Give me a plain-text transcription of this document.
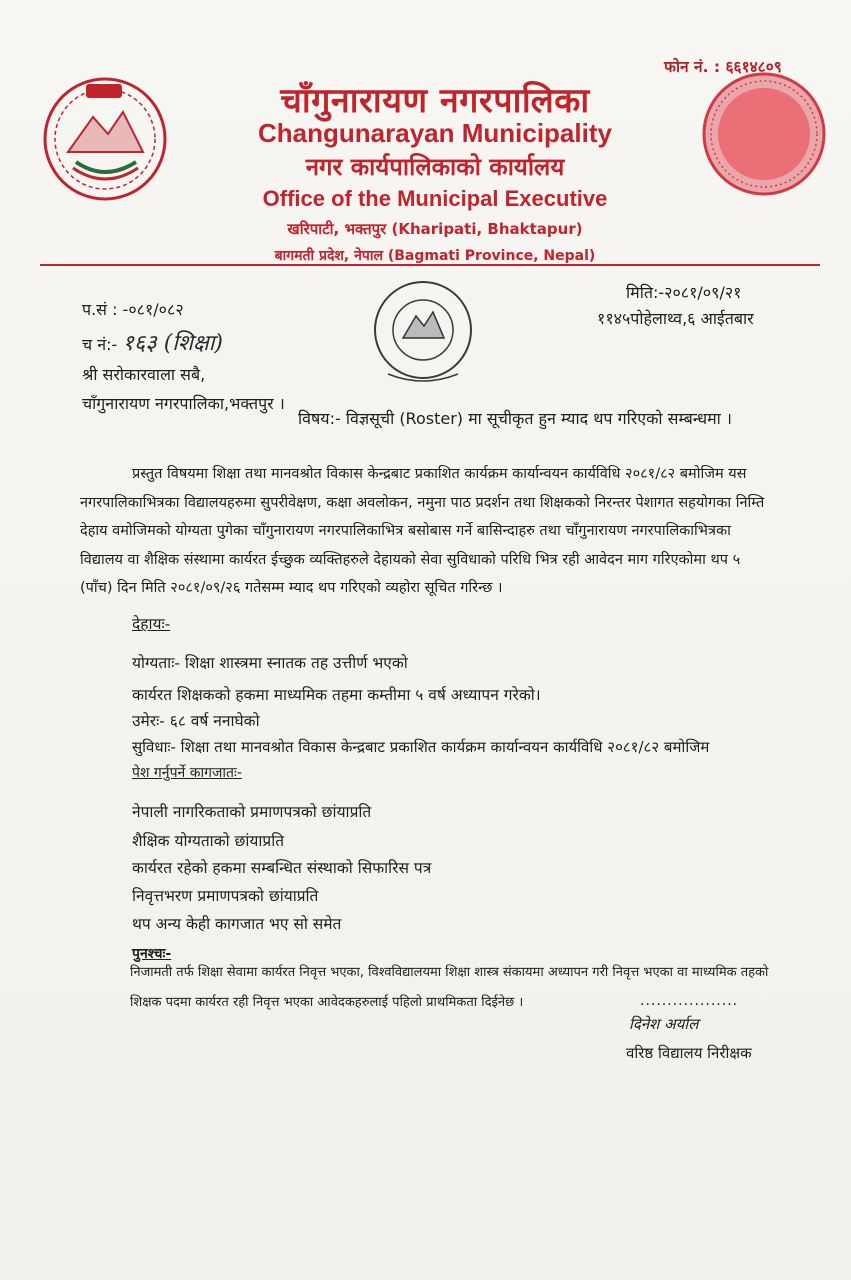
फोन नं. : ६६१४८०९
चाँगुनारायण नगरपालिका
Changunarayan Municipality
नगर कार्यपालिकाको कार्यालय
Office of the Municipal Executive
खरिपाटी, भक्तपुर (Kharipati, Bhaktapur)
बागमती प्रदेश, नेपाल (Bagmati Province, Nepal)
प.सं : -०८१/०८२
च नं:- १६३ (शिक्षा)
मिति:-२०८१/०९/२१
११४५पोहेलाथ्व,६ आईतबार
श्री सरोकारवाला सबै,
चाँगुनारायण नगरपालिका,भक्तपुर ।
विषय:- विज्ञसूची (Roster) मा सूचीकृत हुन म्याद थप गरिएको सम्बन्धमा ।
प्रस्तुत विषयमा शिक्षा तथा मानवश्रोत विकास केन्द्रबाट प्रकाशित कार्यक्रम कार्यान्वयन कार्यविधि २०८१/८२ बमोजिम यस
नगरपालिकाभित्रका विद्यालयहरुमा सुपरीवेक्षण, कक्षा अवलोकन, नमुना पाठ प्रदर्शन तथा शिक्षकको निरन्तर पेशागत सहयोगका निम्ति
देहाय वमोजिमको योग्यता पुगेका चाँगुनारायण नगरपालिकाभित्र बसोबास गर्ने बासिन्दाहरु तथा चाँगुनारायण नगरपालिकाभित्रका
विद्यालय वा शैक्षिक संस्थामा कार्यरत ईच्छुक व्यक्तिहरुले देहायको सेवा सुविधाको परिधि भित्र रही आवेदन माग गरिएकोमा थप ५
(पाँच) दिन मिति २०८१/०९/२६ गतेसम्म म्याद थप गरिएको व्यहोरा सूचित गरिन्छ ।
देहायः-
योग्यताः- शिक्षा शास्त्रमा स्नातक तह उत्तीर्ण भएको
कार्यरत शिक्षकको हकमा माध्यमिक तहमा कम्तीमा ५ वर्ष अध्यापन गरेको।
उमेरः- ६८ वर्ष ननाघेको
सुविधाः- शिक्षा तथा मानवश्रोत विकास केन्द्रबाट प्रकाशित कार्यक्रम कार्यान्वयन कार्यविधि २०८१/८२ बमोजिम
पेश गर्नुपर्ने कागजातः-
नेपाली नागरिकताको प्रमाणपत्रको छांयाप्रति
शैक्षिक योग्यताको छांयाप्रति
कार्यरत रहेको हकमा सम्बन्धित संस्थाको सिफारिस पत्र
निवृत्तभरण प्रमाणपत्रको छांयाप्रति
थप अन्य केही कागजात भए सो समेत
पुनश्चः-
निजामती तर्फ शिक्षा सेवामा कार्यरत निवृत्त भएका, विश्वविद्यालयमा शिक्षा शास्त्र संकायमा अध्यापन गरी निवृत्त भएका वा माध्यमिक तहको
शिक्षक पदमा कार्यरत रही निवृत्त भएका आवेदकहरुलाई पहिलो प्राथमिकता दिईनेछ ।	..................
दिनेश अर्याल
वरिष्ठ विद्यालय निरीक्षक
